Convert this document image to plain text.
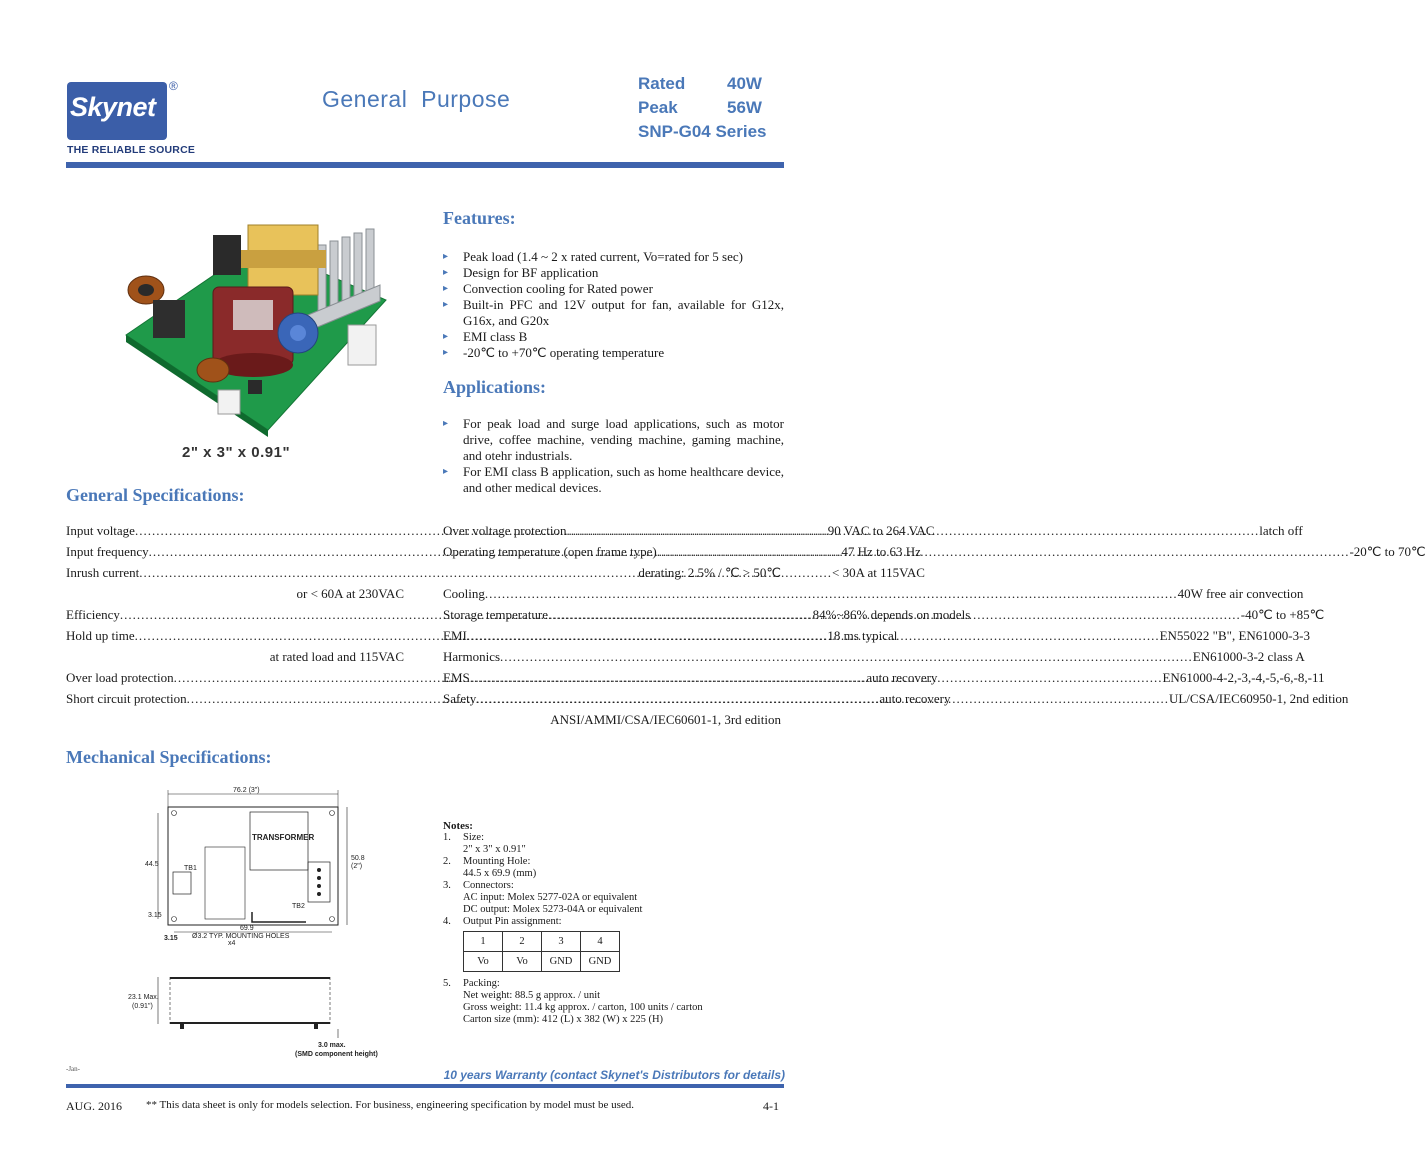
Skynet
®
THE RELIABLE SOURCE
General  Purpose
Rated 40W
Peak	56W
SNP-G04 Series
2" x 3" x 0.91"
Features:
▸ Peak load (1.4 ~ 2 x rated current, Vo=rated for 5 sec)
▸ Design for BF application
▸ Convection cooling for Rated power
▸ Built-in PFC and 12V output for fan, available for G12x, G16x, and G20x
▸ EMI class B
▸ -20℃ to +70℃ operating temperature
Applications:
▸ For peak load and surge load applications, such as motor drive, coffee machine, vending machine, gaming machine, and otehr industrials.
▸ For EMI class B application, such as home healthcare device, and other medical devices.
General Specifications:
Input voltage .....	90 VAC to 264 VAC
Input frequency .....	47 Hz to 63 Hz
Inrush current .....	< 30A at 115VAC
or < 60A at 230VAC
Efficiency .....	84%~86% depends on models
Hold up time .....	18 ms typical
at rated load and 115VAC
Over load protection .....	auto recovery
Short circuit protection .....	auto recovery
Over voltage protection .....	latch off
Operating temperature (open frame type) .....	-20℃ to 70℃
derating: 2.5% / ℃ > 50℃
Cooling .....	40W free air convection
Storage temperature .....	-40℃ to +85℃
EMI .....	EN55022 "B", EN61000-3-3
Harmonics .....	EN61000-3-2 class A
EMS .....	EN61000-4-2,-3,-4,-5,-6,-8,-11
Safety .....	UL/CSA/IEC60950-1, 2nd edition
ANSI/AMMI/CSA/IEC60601-1, 3rd edition
Mechanical Specifications:
76.2 (3")
TRANSFORMER
TB1
TB2
50.8
(2")
44.5
3.15
69.9
3.15 Ø3.2 TYP. MOUNTING HOLES
x4
23.1 Max.
(0.91")
3.0 max.
(SMD component height)
-Jan-
Notes:
1.	Size:
2" x 3" x 0.91"
2.	Mounting Hole:
44.5 x 69.9 (mm)
3.	Connectors:
AC input: Molex 5277-02A or equivalent
DC output: Molex 5273-04A or equivalent
4.	Output Pin assignment:
1	2	3	4
Vo	Vo	GND	GND
5.	Packing:
Net weight: 88.5 g approx. / unit
Gross weight: 11.4 kg approx. / carton, 100 units / carton
Carton size (mm): 412 (L) x 382 (W) x 225 (H)
10 years Warranty (contact Skynet's Distributors for details)
AUG. 2016 ** This data sheet is only for models selection. For business, engineering specification by model must be used.	4-1
